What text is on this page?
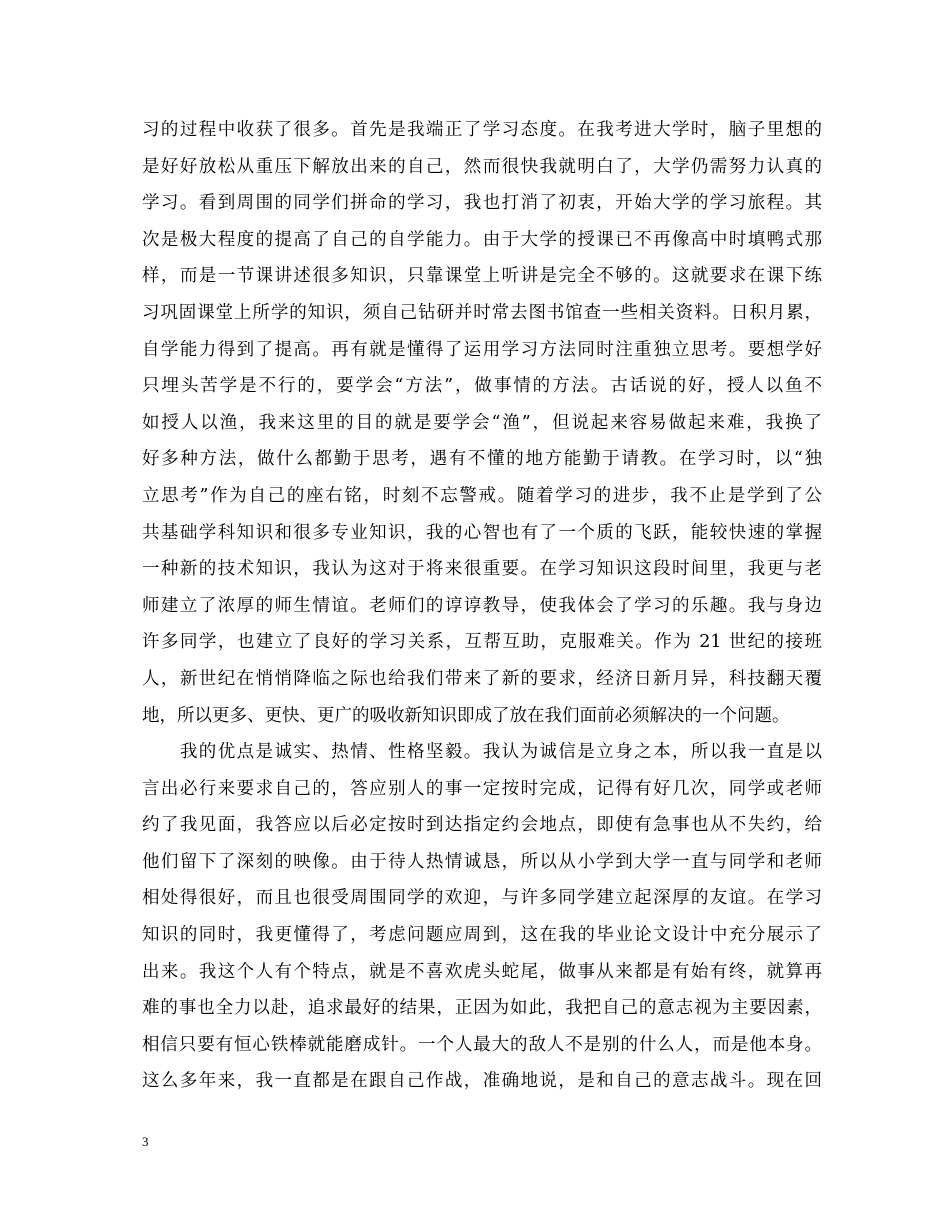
习的过程中收获了很多。首先是我端正了学习态度。在我考进大学时，脑子里想的
是好好放松从重压下解放出来的自己，然而很快我就明白了，大学仍需努力认真的
学习。看到周围的同学们拼命的学习，我也打消了初衷，开始大学的学习旅程。其
次是极大程度的提高了自己的自学能力。由于大学的授课已不再像高中时填鸭式那
样，而是一节课讲述很多知识，只靠课堂上听讲是完全不够的。这就要求在课下练
习巩固课堂上所学的知识，须自己钻研并时常去图书馆查一些相关资料。日积月累，
自学能力得到了提高。再有就是懂得了运用学习方法同时注重独立思考。要想学好
只埋头苦学是不行的，要学会“方法”，做事情的方法。古话说的好，授人以鱼不
如授人以渔，我来这里的目的就是要学会“渔”，但说起来容易做起来难，我换了
好多种方法，做什么都勤于思考，遇有不懂的地方能勤于请教。在学习时，以“独
立思考”作为自己的座右铭，时刻不忘警戒。随着学习的进步，我不止是学到了公
共基础学科知识和很多专业知识，我的心智也有了一个质的飞跃，能较快速的掌握
一种新的技术知识，我认为这对于将来很重要。在学习知识这段时间里，我更与老
师建立了浓厚的师生情谊。老师们的谆谆教导，使我体会了学习的乐趣。我与身边
许多同学，也建立了良好的学习关系，互帮互助，克服难关。作为 21 世纪的接班
人，新世纪在悄悄降临之际也给我们带来了新的要求，经济日新月异，科技翻天覆
地，所以更多、更快、更广的吸收新知识即成了放在我们面前必须解决的一个问题。
　　我的优点是诚实、热情、性格坚毅。我认为诚信是立身之本，所以我一直是以
言出必行来要求自己的，答应别人的事一定按时完成，记得有好几次，同学或老师
约了我见面，我答应以后必定按时到达指定约会地点，即使有急事也从不失约，给
他们留下了深刻的映像。由于待人热情诚恳，所以从小学到大学一直与同学和老师
相处得很好，而且也很受周围同学的欢迎，与许多同学建立起深厚的友谊。在学习
知识的同时，我更懂得了，考虑问题应周到，这在我的毕业论文设计中充分展示了
出来。我这个人有个特点，就是不喜欢虎头蛇尾，做事从来都是有始有终，就算再
难的事也全力以赴，追求最好的结果，正因为如此，我把自己的意志视为主要因素，
相信只要有恒心铁棒就能磨成针。一个人最大的敌人不是别的什么人，而是他本身。
这么多年来，我一直都是在跟自己作战，准确地说，是和自己的意志战斗。现在回
3
